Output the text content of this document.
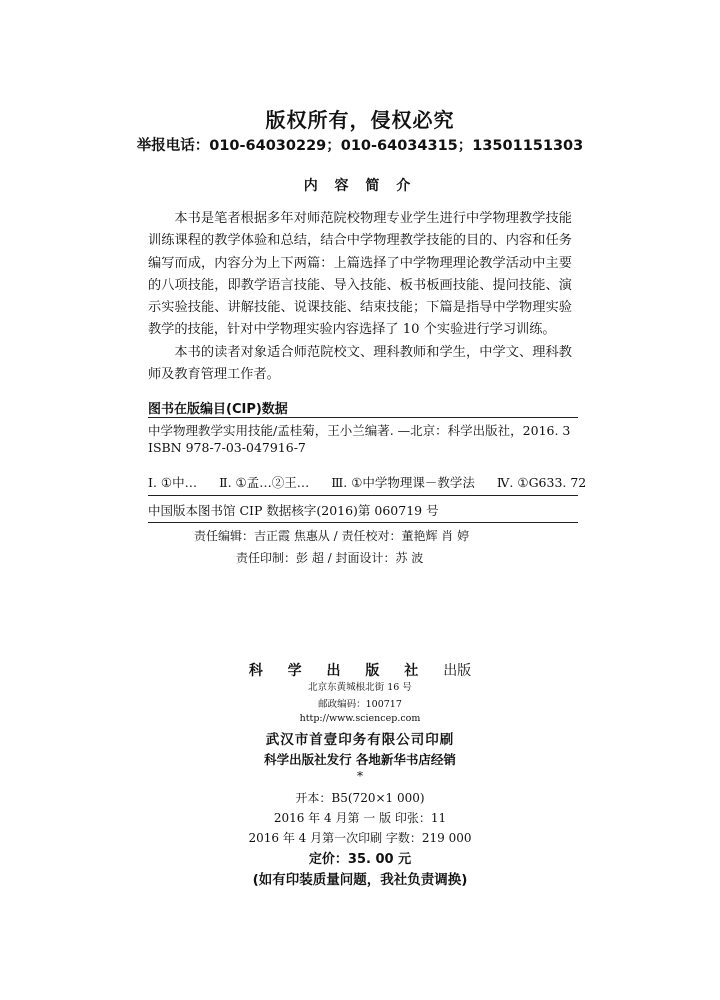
版权所有，侵权必究
举报电话：010-64030229；010-64034315；13501151303
内 容 简 介

本书是笔者根据多年对师范院校物理专业学生进行中学物理教学技能训练课程的教学体验和总结，结合中学物理教学技能的目的、内容和任务编写而成，内容分为上下两篇：上篇选择了中学物理理论教学活动中主要的八项技能，即教学语言技能、导入技能、板书板画技能、提问技能、演示实验技能、讲解技能、说课技能、结束技能；下篇是指导中学物理实验教学的技能，针对中学物理实验内容选择了 10 个实验进行学习训练。

本书的读者对象适合师范院校文、理科教师和学生，中学文、理科教师及教育管理工作者。

图书在版编目(CIP)数据
中学物理教学实用技能/孟桂菊，王小兰编著. —北京：科学出版社，2016. 3
ISBN 978-7-03-047916-7
Ⅰ. ①中… Ⅱ. ①孟…②王… Ⅲ. ①中学物理课－教学法 Ⅳ. ①G633. 72
中国版本图书馆 CIP 数据核字(2016)第 060719 号
责任编辑：吉正霞 焦惠从 / 责任校对：董艳辉 肖 婷
责任印制：彭 超 / 封面设计：苏 波
科 学 出 版 社 出版
北京东黄城根北街 16 号
邮政编码：100717
http://www.sciencep.com
武汉市首壹印务有限公司印刷
科学出版社发行 各地新华书店经销
*
开本：B5(720×1 000)
2016 年 4 月第 一 版 印张：11
2016 年 4 月第一次印刷 字数：219 000
定价：35. 00 元
(如有印装质量问题，我社负责调换)
